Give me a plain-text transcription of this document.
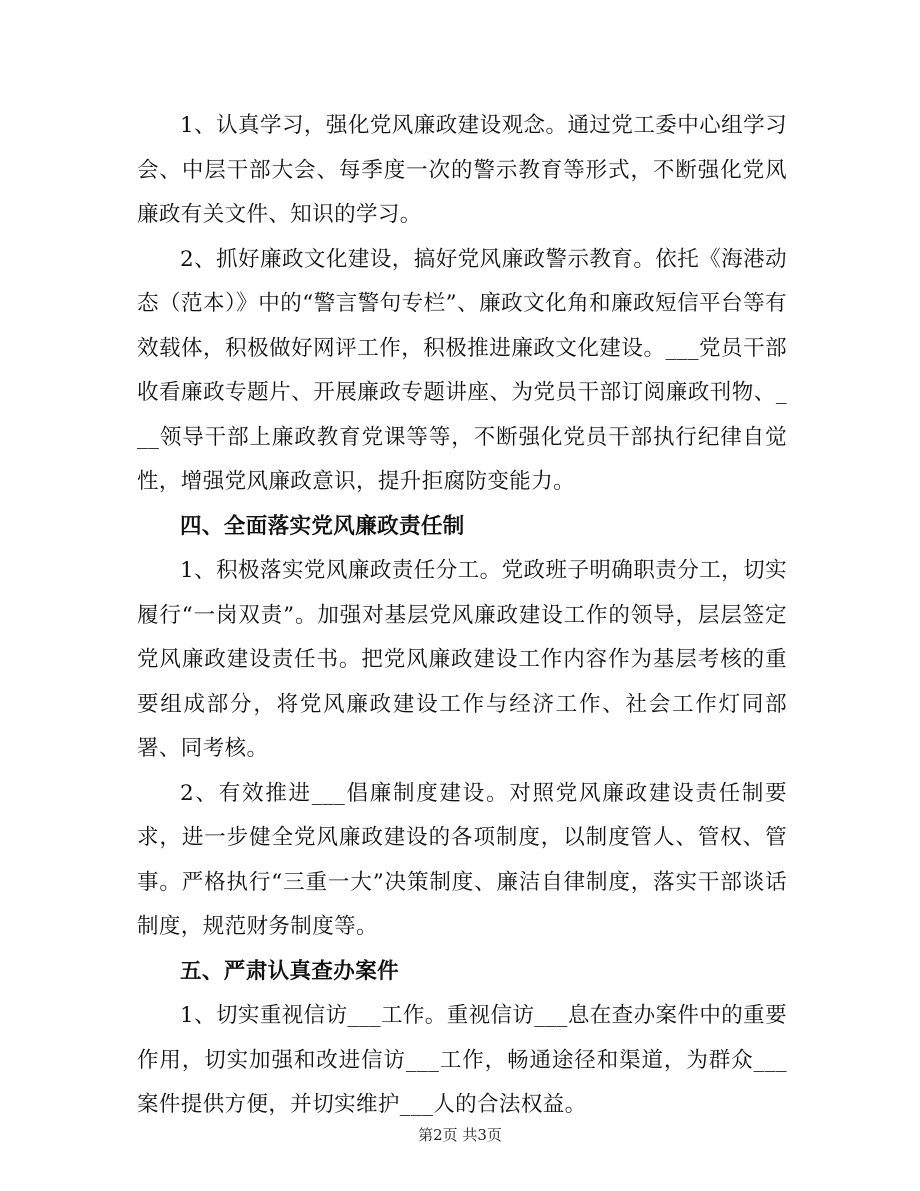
1、认真学习，强化党风廉政建设观念。通过党工委中心组学习会、中层干部大会、每季度一次的警示教育等形式，不断强化党风廉政有关文件、知识的学习。

2、抓好廉政文化建设，搞好党风廉政警示教育。依托《海港动态（范本）》中的“警言警句专栏”、廉政文化角和廉政短信平台等有效载体，积极做好网评工作，积极推进廉政文化建设。___党员干部收看廉政专题片、开展廉政专题讲座、为党员干部订阅廉政刊物、___领导干部上廉政教育党课等等，不断强化党员干部执行纪律自觉性，增强党风廉政意识，提升拒腐防变能力。

四、全面落实党风廉政责任制

1、积极落实党风廉政责任分工。党政班子明确职责分工，切实履行“一岗双责”。加强对基层党风廉政建设工作的领导，层层签定党风廉政建设责任书。把党风廉政建设工作内容作为基层考核的重要组成部分，将党风廉政建设工作与经济工作、社会工作灯同部署、同考核。

2、有效推进___倡廉制度建设。对照党风廉政建设责任制要求，进一步健全党风廉政建设的各项制度，以制度管人、管权、管事。严格执行“三重一大”决策制度、廉洁自律制度，落实干部谈话制度，规范财务制度等。

五、严肃认真查办案件

1、切实重视信访___工作。重视信访___息在查办案件中的重要作用，切实加强和改进信访___工作，畅通途径和渠道，为群众___案件提供方便，并切实维护___人的合法权益。

第2页 共3页
